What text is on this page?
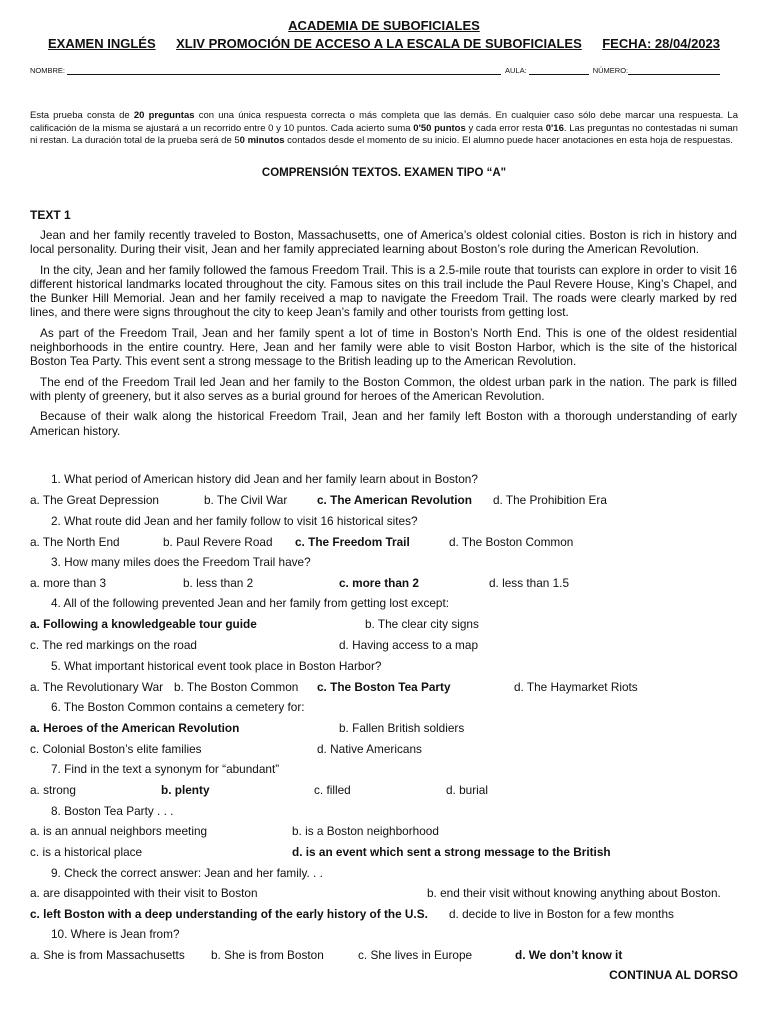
ACADEMIA DE SUBOFICIALES
EXAMEN INGLÉS XLIV PROMOCIÓN DE ACCESO A LA ESCALA DE SUBOFICIALES FECHA: 28/04/2023
NOMBRE:	AULA:	NÚMERO:
Esta prueba consta de 20 preguntas con una única respuesta correcta o más completa que las demás. En cualquier caso sólo debe marcar una respuesta. La calificación de la misma se ajustará a un recorrido entre 0 y 10 puntos. Cada acierto suma 0'50 puntos y cada error resta 0'16. Las preguntas no contestadas ni suman ni restan. La duración total de la prueba será de 50 minutos contados desde el momento de su inicio. El alumno puede hacer anotaciones en esta hoja de respuestas.
COMPRENSIÓN TEXTOS. EXAMEN TIPO “A"
TEXT 1

Jean and her family recently traveled to Boston, Massachusetts, one of America’s oldest colonial cities. Boston is rich in history and local personality. During their visit, Jean and her family appreciated learning about Boston’s role during the American Revolution.

In the city, Jean and her family followed the famous Freedom Trail. This is a 2.5-mile route that tourists can explore in order to visit 16 different historical landmarks located throughout the city. Famous sites on this trail include the Paul Revere House, King’s Chapel, and the Bunker Hill Memorial. Jean and her family received a map to navigate the Freedom Trail. The roads were clearly marked by red lines, and there were signs throughout the city to keep Jean’s family and other tourists from getting lost.

As part of the Freedom Trail, Jean and her family spent a lot of time in Boston’s North End. This is one of the oldest residential neighborhoods in the entire country. Here, Jean and her family were able to visit Boston Harbor, which is the site of the historical Boston Tea Party. This event sent a strong message to the British leading up to the American Revolution.

The end of the Freedom Trail led Jean and her family to the Boston Common, the oldest urban park in the nation. The park is filled with plenty of greenery, but it also serves as a burial ground for heroes of the American Revolution.

Because of their walk along the historical Freedom Trail, Jean and her family left Boston with a thorough understanding of early American history.

1. What period of American history did Jean and her family learn about in Boston?
a. The Great Depression	b. The Civil War	c. The American Revolution d. The Prohibition Era
2. What route did Jean and her family follow to visit 16 historical sites?
a. The North End	b. Paul Revere Road c. The Freedom Trail	d. The Boston Common
3. How many miles does the Freedom Trail have?
a. more than 3	b. less than 2	c. more than 2	d. less than 1.5
4. All of the following prevented Jean and her family from getting lost except:
a. Following a knowledgeable tour guide	b. The clear city signs
c. The red markings on the road	d. Having access to a map
5. What important historical event took place in Boston Harbor?
a. The Revolutionary War b. The Boston Common c. The Boston Tea Party	d. The Haymarket Riots
6. The Boston Common contains a cemetery for:
a. Heroes of the American Revolution	b. Fallen British soldiers
c. Colonial Boston’s elite families	d. Native Americans
7. Find in the text a synonym for “abundant”
a. strong	b. plenty	c. filled	d. burial
8. Boston Tea Party . . .
a. is an annual neighbors meeting	b. is a Boston neighborhood
c. is a historical place	d. is an event which sent a strong message to the British
9. Check the correct answer: Jean and her family. . .
a. are disappointed with their visit to Boston	b. end their visit without knowing anything about Boston.
c. left Boston with a deep understanding of the early history of the U.S. d. decide to live in Boston for a few months
10. Where is Jean from?
a. She is from Massachusetts b. She is from Boston	c. She lives in Europe	d. We don’t know it
CONTINUA AL DORSO
